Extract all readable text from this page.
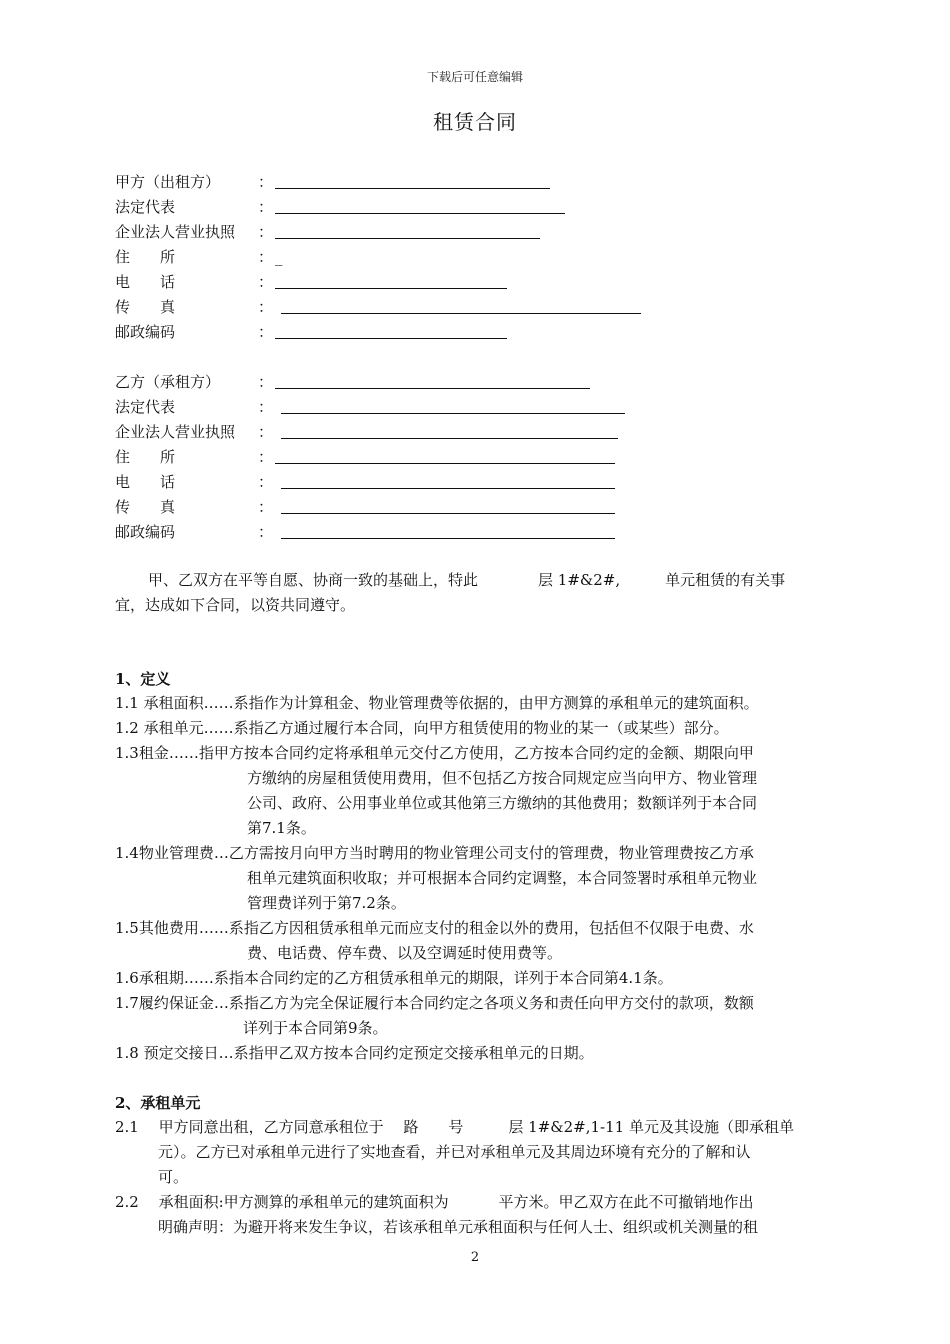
下载后可任意编辑
租赁合同
甲方（出租方）	：
法定代表	：
企业法人营业执照 ：
住　　所	： _
电　　话	：
传　　真	：
邮政编码	：
乙方（承租方）	：
法定代表	：
企业法人营业执照 ：
住　　所	：
电　　话	：
传　　真	：
邮政编码	：
甲、乙双方在平等自愿、协商一致的基础上，特此　　　　层 1#&2#,　　　单元租赁的有关事
宜，达成如下合同，以资共同遵守。
1、定义
1.1 承租面积……系指作为计算租金、物业管理费等依据的，由甲方测算的承租单元的建筑面积。
1.2 承租单元……系指乙方通过履行本合同，向甲方租赁使用的物业的某一（或某些）部分。
1.3租金……指甲方按本合同约定将承租单元交付乙方使用，乙方按本合同约定的金额、期限向甲
方缴纳的房屋租赁使用费用，但不包括乙方按合同规定应当向甲方、物业管理
公司、政府、公用事业单位或其他第三方缴纳的其他费用；数额详列于本合同
第7.1条。
1.4物业管理费…乙方需按月向甲方当时聘用的物业管理公司支付的管理费，物业管理费按乙方承
租单元建筑面积收取；并可根据本合同约定调整，本合同签署时承租单元物业
管理费详列于第7.2条。
1.5其他费用……系指乙方因租赁承租单元而应支付的租金以外的费用，包括但不仅限于电费、水
费、电话费、停车费、以及空调延时使用费等。
1.6承租期……系指本合同约定的乙方租赁承租单元的期限，详列于本合同第4.1条。
1.7履约保证金…系指乙方为完全保证履行本合同约定之各项义务和责任向甲方交付的款项，数额
详列于本合同第9条。
1.8 预定交接日…系指甲乙双方按本合同约定预定交接承租单元的日期。
2、承租单元
2.1　 甲方同意出租，乙方同意承租位于　 路　　号　　　层 1#&2#,1-11 单元及其设施（即承租单
元）。乙方已对承租单元进行了实地查看，并已对承租单元及其周边环境有充分的了解和认
可。
2.2　 承租面积:甲方测算的承租单元的建筑面积为　　　 平方米。甲乙双方在此不可撤销地作出
明确声明：为避开将来发生争议，若该承租单元承租面积与任何人士、组织或机关测量的租
2
